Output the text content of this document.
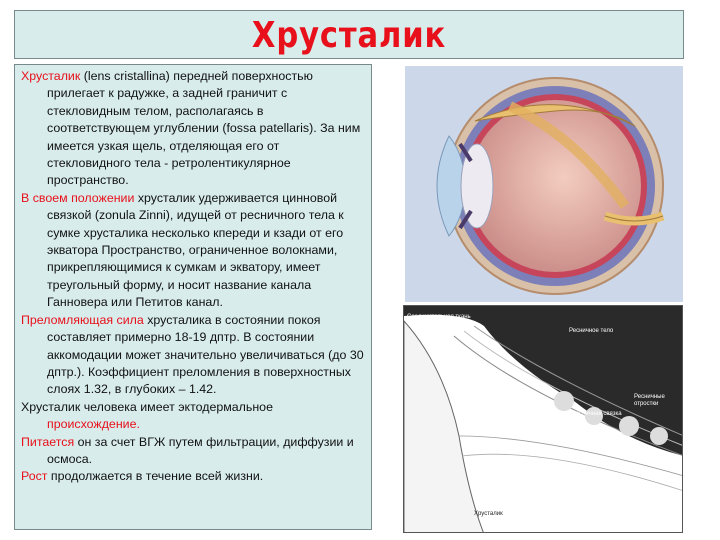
Хрусталик

Хрусталик (lens cristallina) передней поверхностью прилегает к радужке, а задней граничит с стекловидным телом, располагаясь в соответствующем углублении (fossa patellaris). За ним имеется узкая щель, отделяющая его от стекловидного тела - ретролентикулярное пространство.

В своем положении хрусталик удерживается цинновой связкой (zonula Zinni), идущей от ресничного тела к сумке хрусталика несколько кпереди и кзади от его экватора Пространство, ограниченное волокнами, прикрепляющимися к сумкам и экватору, имеет треугольный форму, и носит название канала Ганновера или Петитов канал.

Преломляющая сила хрусталика в состоянии покоя составляет примерно 18-19 дптр. В состоянии аккомодации может значительно увеличиваться (до 30 дптр.). Коэффициент преломления в поверхностных слоях 1.32, в глубоких – 1.42.

Хрусталик человека имеет эктодермальное происхождение.

Питается он за счет ВГЖ путем фильтрации, диффузии и осмоса.

Рост продолжается в течение всей жизни.

Соединительная ткань
Ресничное тело
Ресничные отростки
Ресничная связка
Хрусталик
